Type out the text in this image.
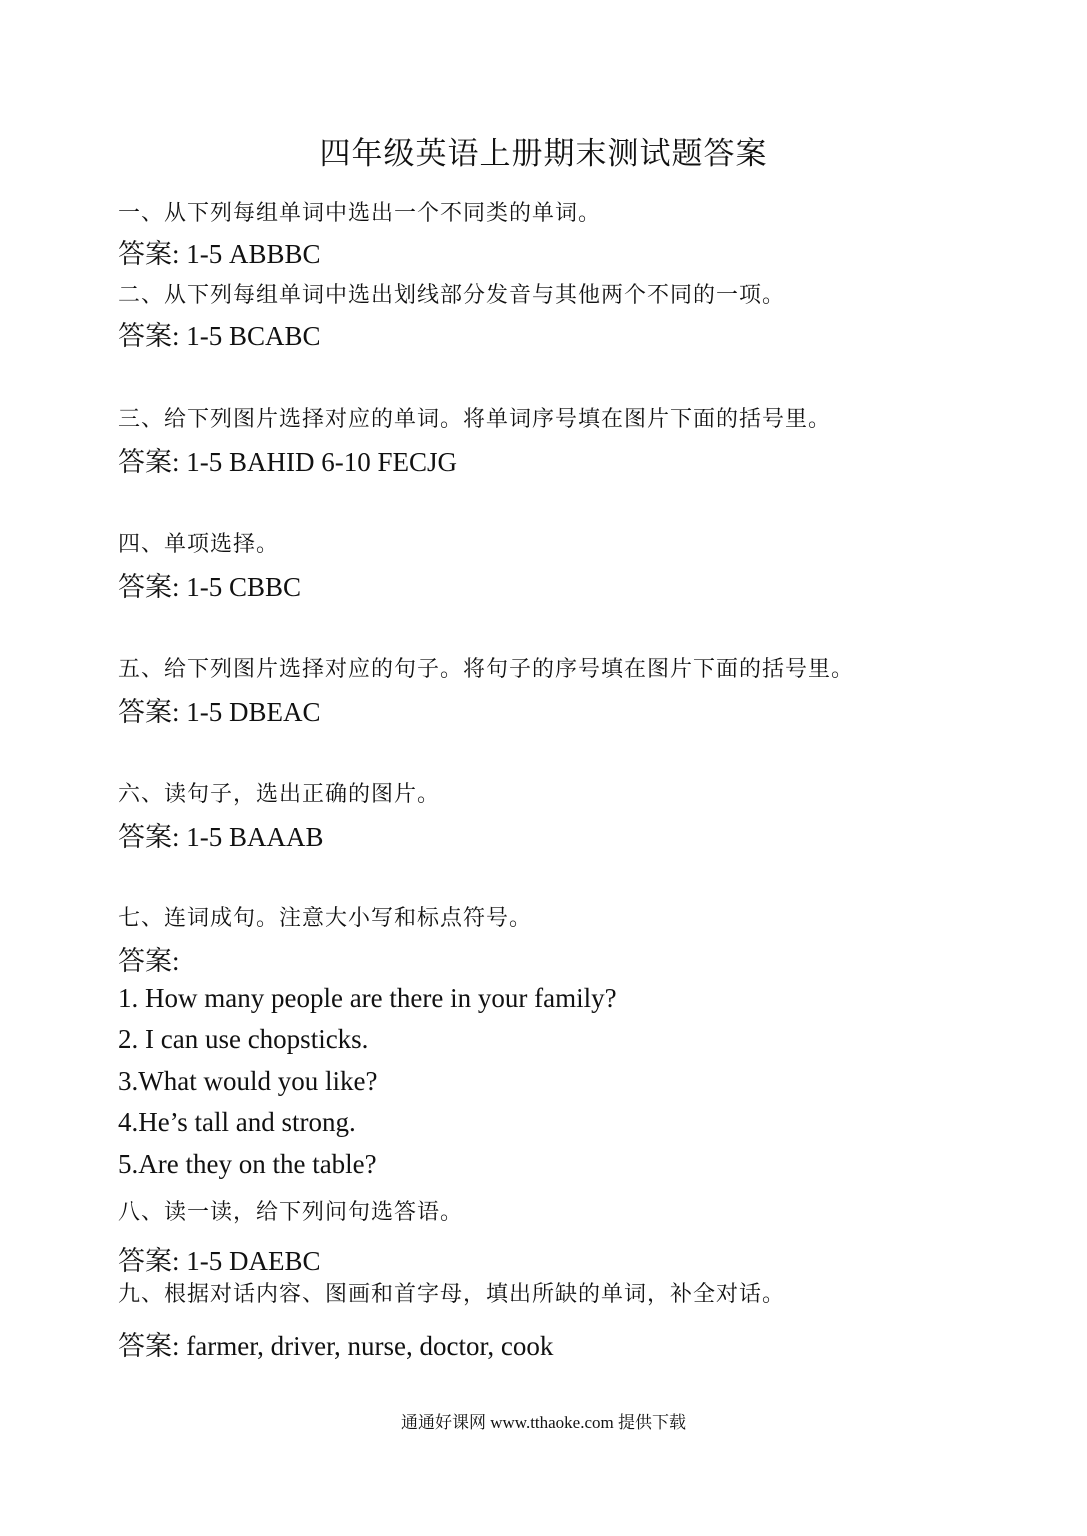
四年级英语上册期末测试题答案
一、从下列每组单词中选出一个不同类的单词。
答案: 1-5 ABBBC
二、从下列每组单词中选出划线部分发音与其他两个不同的一项。
答案: 1-5 BCABC
三、给下列图片选择对应的单词。将单词序号填在图片下面的括号里。
答案: 1-5 BAHID 6-10 FECJG
四、单项选择。
答案: 1-5 CBBC
五、给下列图片选择对应的句子。将句子的序号填在图片下面的括号里。
答案: 1-5 DBEAC
六、读句子，选出正确的图片。
答案: 1-5 BAAAB
七、连词成句。注意大小写和标点符号。
答案:
1. How many people are there in your family?
2. I can use chopsticks.
3.What would you like?
4.He’s tall and strong.
5.Are they on the table?
八、读一读，给下列问句选答语。
答案: 1-5 DAEBC
九、根据对话内容、图画和首字母，填出所缺的单词，补全对话。
答案: farmer, driver, nurse, doctor, cook
通通好课网 www.tthaoke.com 提供下载
